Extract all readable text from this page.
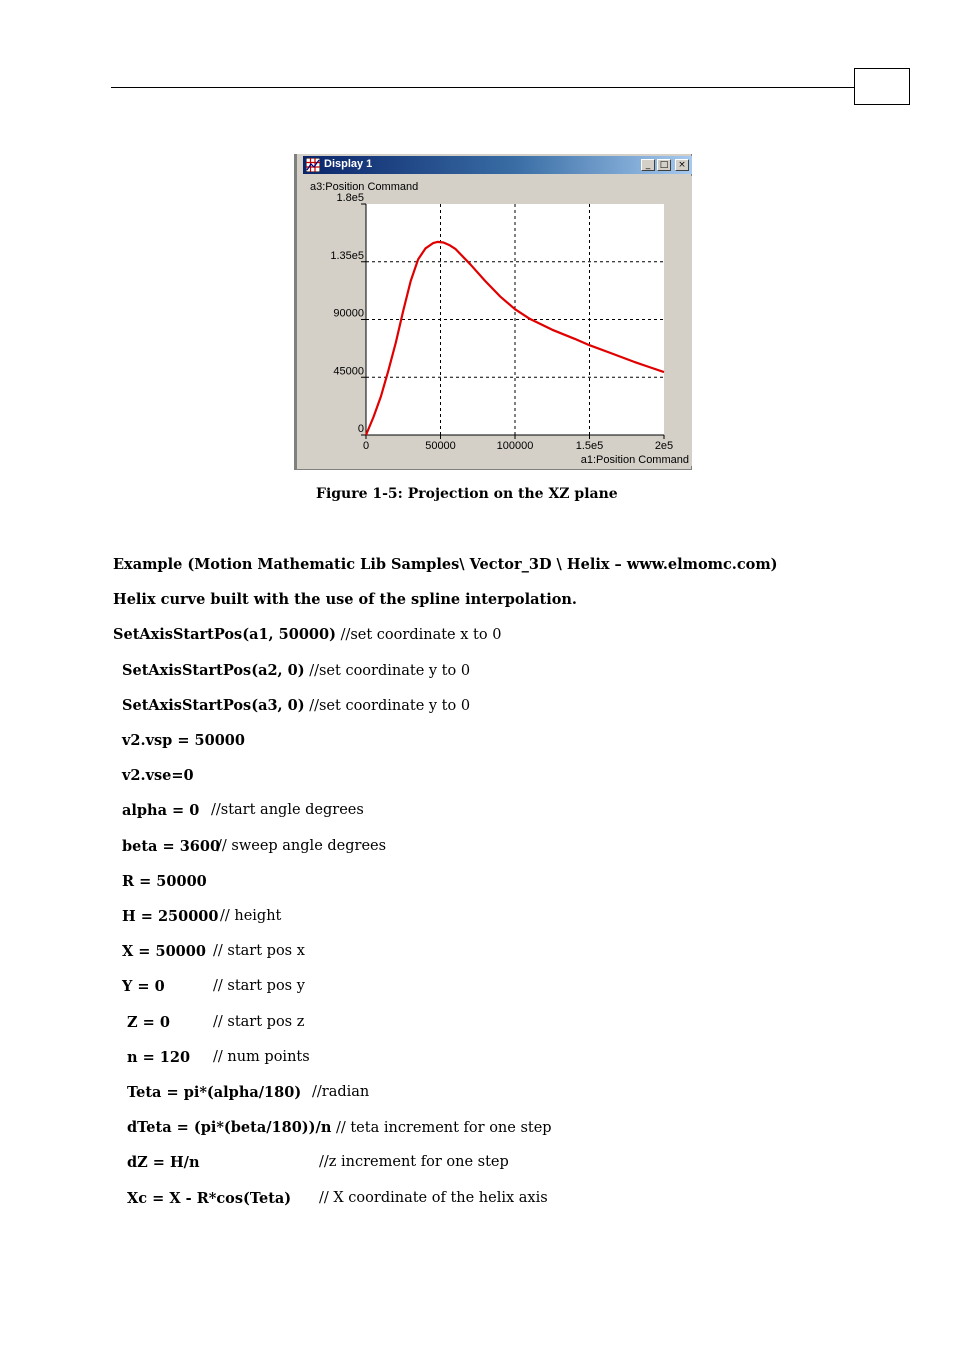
Display 1	_	□	×
0
45000
90000
1.35e5
1.8e5
0	50000	100000	1.5e5	2e5
a3:Position Command
a1:Position Command
Figure 1-5: Projection on the XZ plane
Example (Motion Mathematic Lib Samples\ Vector_3D \ Helix – www.elmomc.com)
Helix curve built with the use of the spline interpolation.
SetAxisStartPos(a1, 50000) //set coordinate x to 0
SetAxisStartPos(a2, 0) //set coordinate y to 0
SetAxisStartPos(a3, 0) //set coordinate y to 0
v2.vsp = 50000
v2.vse=0
//start angle degrees
alpha = 0
// sweep angle degrees
beta = 3600
R = 50000
// height
H = 250000
// start pos x
X = 50000
// start pos y
Y = 0
// start pos z
Z = 0
// num points
n = 120
//radian
Teta = pi*(alpha/180)
dTeta = (pi*(beta/180))/n // teta increment for one step
//z increment for one step
dZ = H/n
// X coordinate of the helix axis
Xc = X - R*cos(Teta)
